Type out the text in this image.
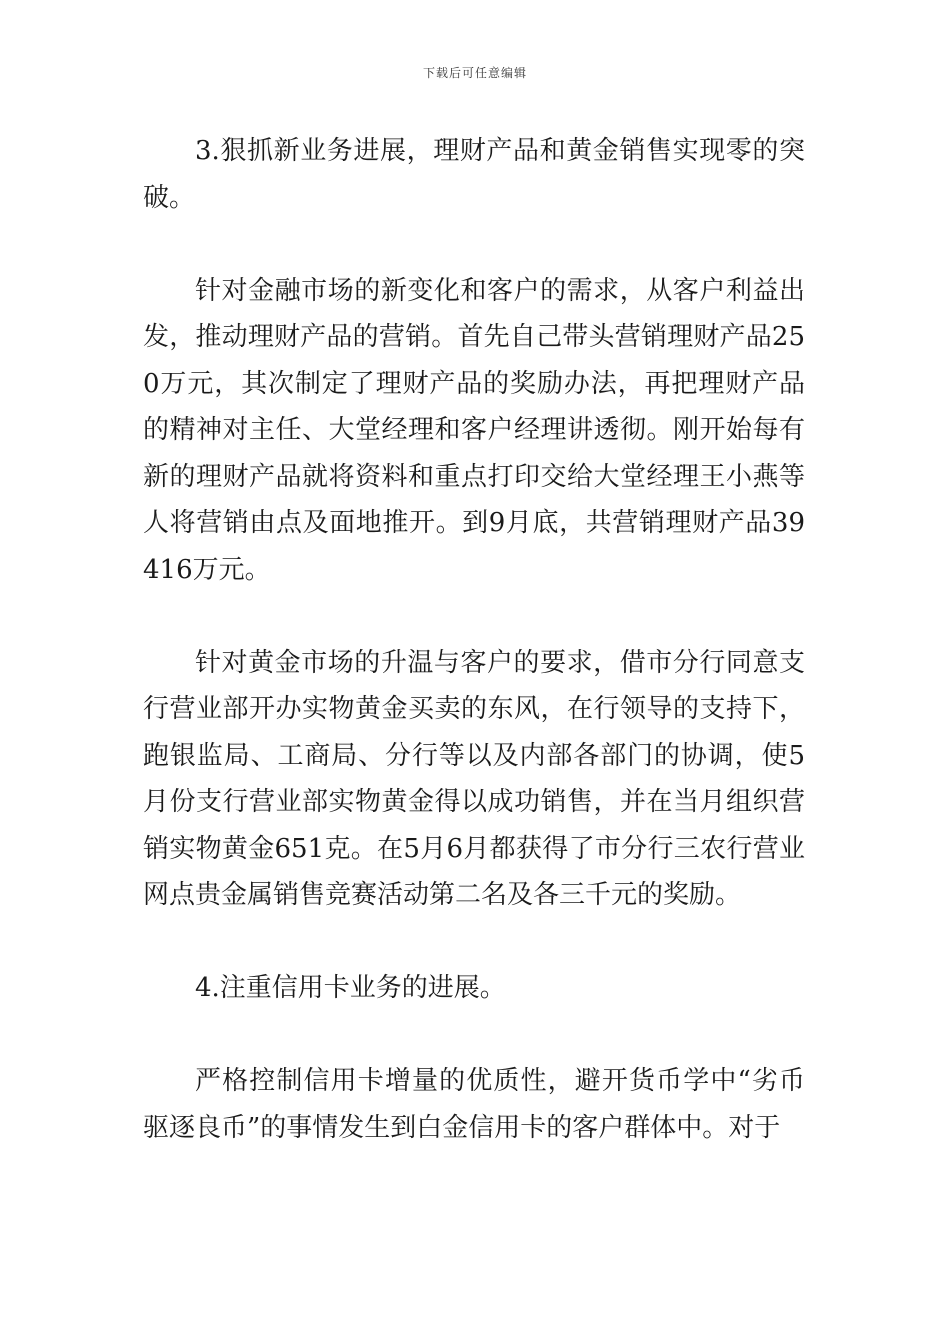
下载后可任意编辑

3.狠抓新业务进展，理财产品和黄金销售实现零的突破。

针对金融市场的新变化和客户的需求，从客户利益出发，推动理财产品的营销。首先自己带头营销理财产品250万元，其次制定了理财产品的奖励办法，再把理财产品的精神对主任、大堂经理和客户经理讲透彻。刚开始每有新的理财产品就将资料和重点打印交给大堂经理王小燕等人将营销由点及面地推开。到9月底，共营销理财产品39416万元。

针对黄金市场的升温与客户的要求，借市分行同意支行营业部开办实物黄金买卖的东风，在行领导的支持下，跑银监局、工商局、分行等以及内部各部门的协调，使5月份支行营业部实物黄金得以成功销售，并在当月组织营销实物黄金651克。在5月6月都获得了市分行三农行营业网点贵金属销售竞赛活动第二名及各三千元的奖励。

4.注重信用卡业务的进展。

严格控制信用卡增量的优质性，避开货币学中“劣币驱逐良币”的事情发生到白金信用卡的客户群体中。对于
